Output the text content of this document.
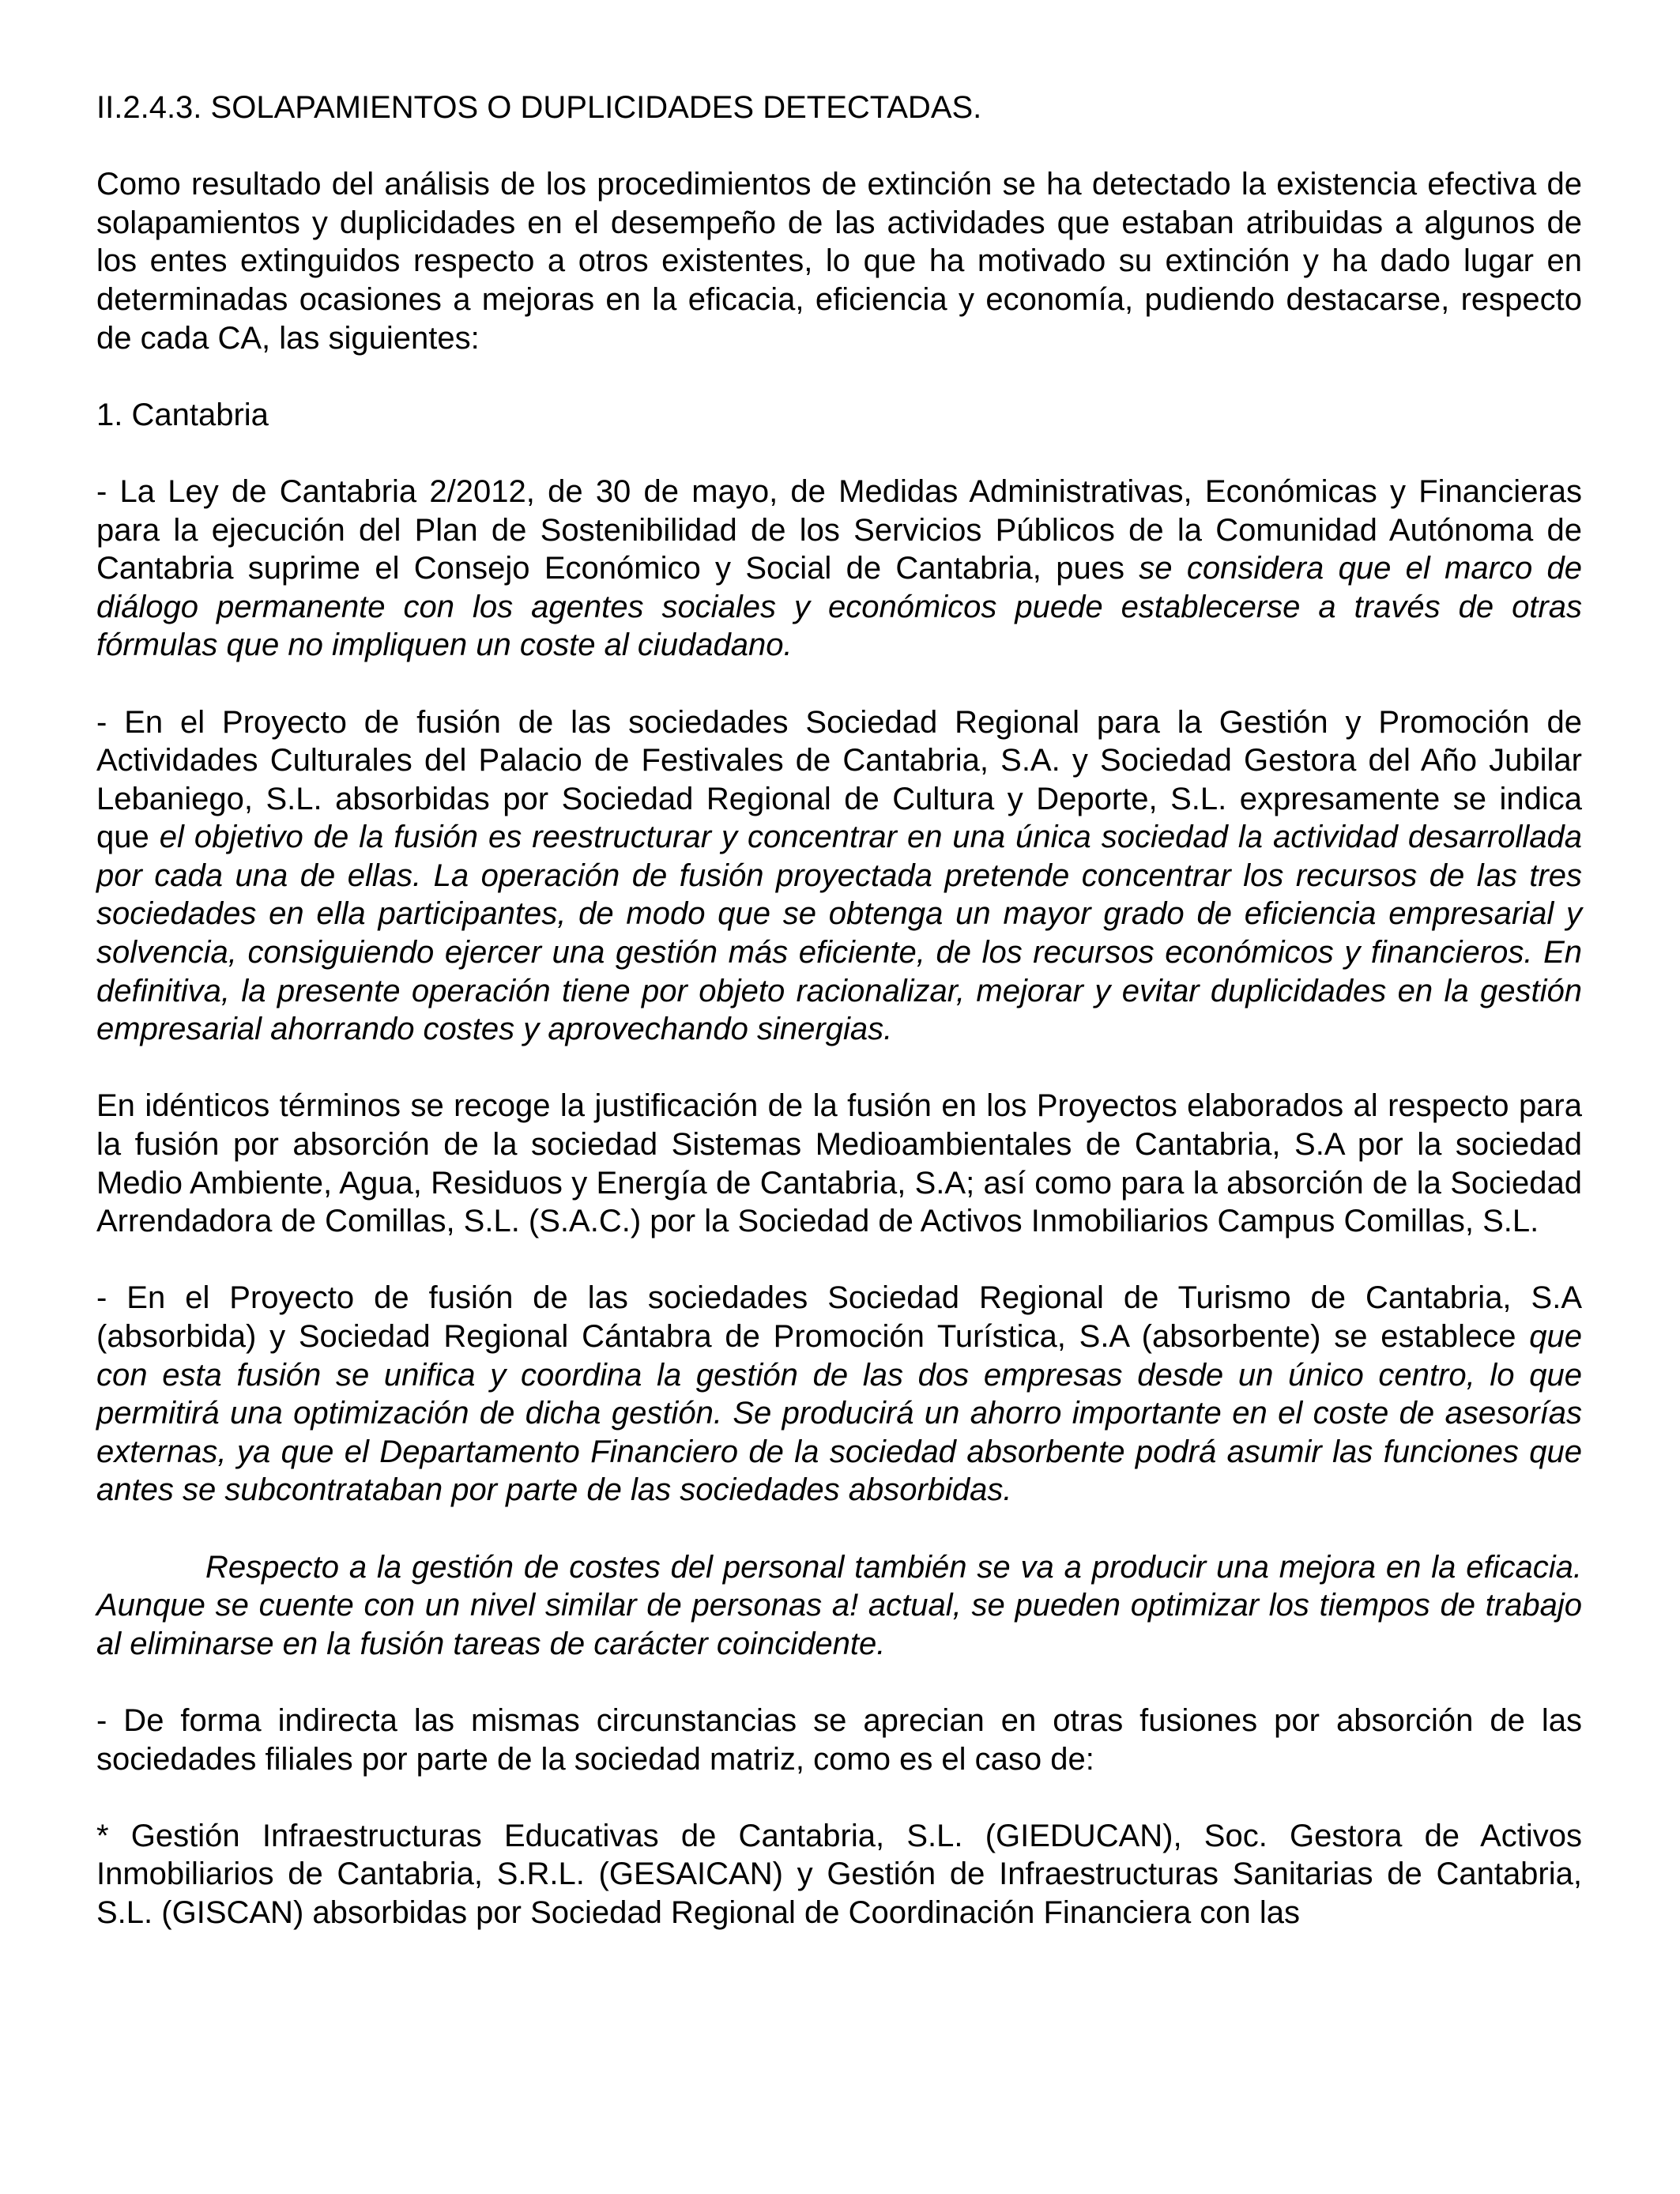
II.2.4.3. SOLAPAMIENTOS O DUPLICIDADES DETECTADAS.

Como resultado del análisis de los procedimientos de extinción se ha detectado la existencia efectiva de solapamientos y duplicidades en el desempeño de las actividades que estaban atribuidas a algunos de los entes extinguidos respecto a otros existentes, lo que ha motivado su extinción y ha dado lugar en determinadas ocasiones a mejoras en la eficacia, eficiencia y economía, pudiendo destacarse, respecto de cada CA, las siguientes:

1. Cantabria

- La Ley de Cantabria 2/2012, de 30 de mayo, de Medidas Administrativas, Económicas y Financieras para la ejecución del Plan de Sostenibilidad de los Servicios Públicos de la Comunidad Autónoma de Cantabria suprime el Consejo Económico y Social de Cantabria, pues se considera que el marco de diálogo permanente con los agentes sociales y económicos puede establecerse a través de otras fórmulas que no impliquen un coste al ciudadano.

- En el Proyecto de fusión de las sociedades Sociedad Regional para la Gestión y Promoción de Actividades Culturales del Palacio de Festivales de Cantabria, S.A. y Sociedad Gestora del Año Jubilar Lebaniego, S.L. absorbidas por Sociedad Regional de Cultura y Deporte, S.L. expresamente se indica que el objetivo de la fusión es reestructurar y concentrar en una única sociedad la actividad desarrollada por cada una de ellas. La operación de fusión proyectada pretende concentrar los recursos de las tres sociedades en ella participantes, de modo que se obtenga un mayor grado de eficiencia empresarial y solvencia, consiguiendo ejercer una gestión más eficiente, de los recursos económicos y financieros. En definitiva, la presente operación tiene por objeto racionalizar, mejorar y evitar duplicidades en la gestión empresarial ahorrando costes y aprovechando sinergias.

En idénticos términos se recoge la justificación de la fusión en los Proyectos elaborados al respecto para la fusión por absorción de la sociedad Sistemas Medioambientales de Cantabria, S.A por la sociedad Medio Ambiente, Agua, Residuos y Energía de Cantabria, S.A; así como para la absorción de la Sociedad Arrendadora de Comillas, S.L. (S.A.C.) por la Sociedad de Activos Inmobiliarios Campus Comillas, S.L.

- En el Proyecto de fusión de las sociedades Sociedad Regional de Turismo de Cantabria, S.A (absorbida) y Sociedad Regional Cántabra de Promoción Turística, S.A (absorbente) se establece que con esta fusión se unifica y coordina la gestión de las dos empresas desde un único centro, lo que permitirá una optimización de dicha gestión. Se producirá un ahorro importante en el coste de asesorías externas, ya que el Departamento Financiero de la sociedad absorbente podrá asumir las funciones que antes se subcontrataban por parte de las sociedades absorbidas.

Respecto a la gestión de costes del personal también se va a producir una mejora en la eficacia. Aunque se cuente con un nivel similar de personas a! actual, se pueden optimizar los tiempos de trabajo al eliminarse en la fusión tareas de carácter coincidente.

- De forma indirecta las mismas circunstancias se aprecian en otras fusiones por absorción de las sociedades filiales por parte de la sociedad matriz, como es el caso de:

* Gestión Infraestructuras Educativas de Cantabria, S.L. (GIEDUCAN), Soc. Gestora de Activos Inmobiliarios de Cantabria, S.R.L. (GESAICAN) y Gestión de Infraestructuras Sanitarias de Cantabria, S.L. (GISCAN) absorbidas por Sociedad Regional de Coordinación Financiera con las
